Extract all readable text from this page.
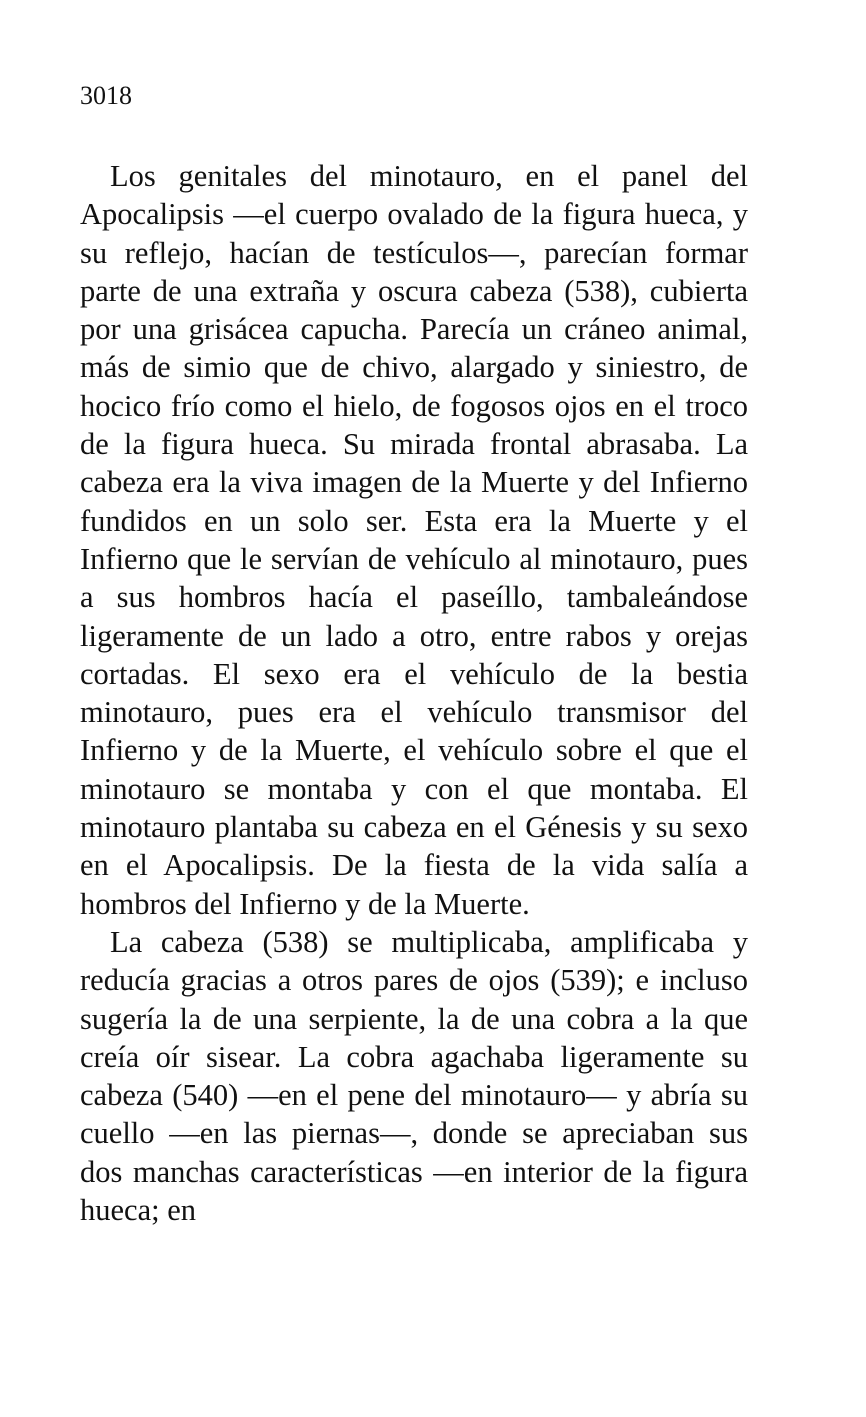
3018

Los genitales del minotauro, en el panel del Apocalipsis —el cuerpo ovalado de la figura hueca, y su reflejo, hacían de testículos—, parecían formar parte de una extraña y oscura cabeza (538), cubierta por una grisácea capucha. Parecía un cráneo animal, más de simio que de chivo, alargado y siniestro, de hocico frío como el hielo, de fogosos ojos en el troco de la figura hueca. Su mirada frontal abrasaba. La cabeza era la viva imagen de la Muerte y del Infierno fundidos en un solo ser. Esta era la Muerte y el Infierno que le servían de vehículo al minotauro, pues a sus hombros hacía el paseíllo, tambaleándose ligeramente de un lado a otro, entre rabos y orejas cortadas. El sexo era el vehículo de la bestia minotauro, pues era el vehículo transmisor del Infierno y de la Muerte, el vehículo sobre el que el minotauro se montaba y con el que montaba. El minotauro plantaba su cabeza en el Génesis y su sexo en el Apocalipsis. De la fiesta de la vida salía a hombros del Infierno y de la Muerte.

La cabeza (538) se multiplicaba, amplificaba y reducía gracias a otros pares de ojos (539); e incluso sugería la de una serpiente, la de una cobra a la que creía oír sisear. La cobra agachaba ligeramente su cabeza (540) —en el pene del minotauro— y abría su cuello —en las piernas—, donde se apreciaban sus dos manchas características —en interior de la figura hueca; en
